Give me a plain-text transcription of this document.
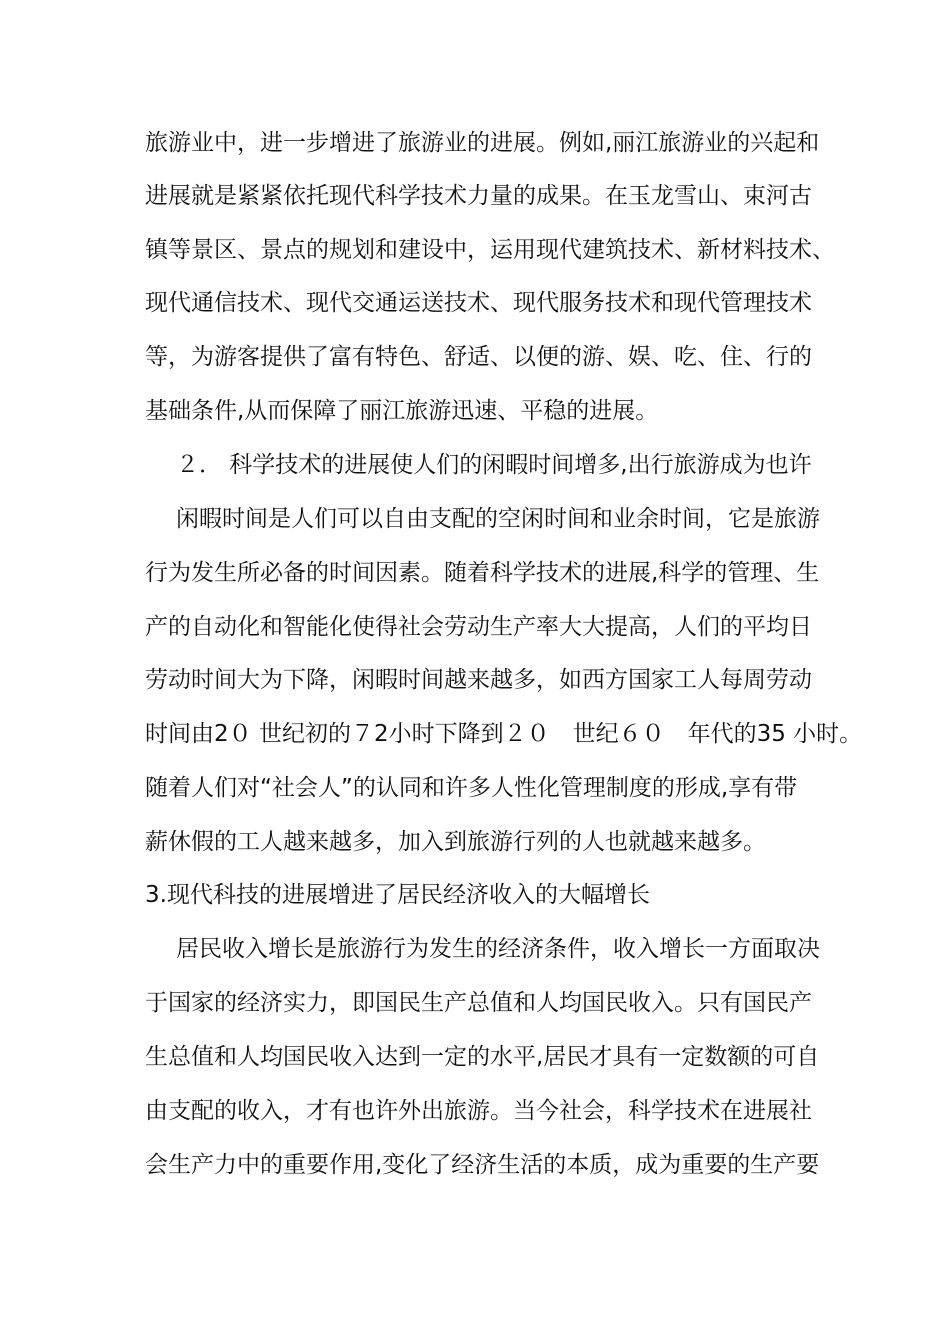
旅游业中，进一步增进了旅游业的进展。例如,丽江旅游业的兴起和
进展就是紧紧依托现代科学技术力量的成果。在玉龙雪山、束河古
镇等景区、景点的规划和建设中，运用现代建筑技术、新材料技术、
现代通信技术、现代交通运送技术、现代服务技术和现代管理技术
等，为游客提供了富有特色、舒适、以便的游、娱、吃、住、行的
基础条件,从而保障了丽江旅游迅速、平稳的进展。
２． 科学技术的进展使人们的闲暇时间增多,出行旅游成为也许
闲暇时间是人们可以自由支配的空闲时间和业余时间，它是旅游
行为发生所必备的时间因素。随着科学技术的进展,科学的管理、生
产的自动化和智能化使得社会劳动生产率大大提高，人们的平均日
劳动时间大为下降，闲暇时间越来越多，如西方国家工人每周劳动
时间由2０ 世纪初的７2小时下降到２０　世纪６０　年代的35 小时。
随着人们对“社会人”的认同和许多人性化管理制度的形成,享有带
薪休假的工人越来越多，加入到旅游行列的人也就越来越多。
3.现代科技的进展增进了居民经济收入的大幅增长
居民收入增长是旅游行为发生的经济条件，收入增长一方面取决
于国家的经济实力，即国民生产总值和人均国民收入。只有国民产
生总值和人均国民收入达到一定的水平,居民才具有一定数额的可自
由支配的收入，才有也许外出旅游。当今社会，科学技术在进展社
会生产力中的重要作用,变化了经济生活的本质，成为重要的生产要
